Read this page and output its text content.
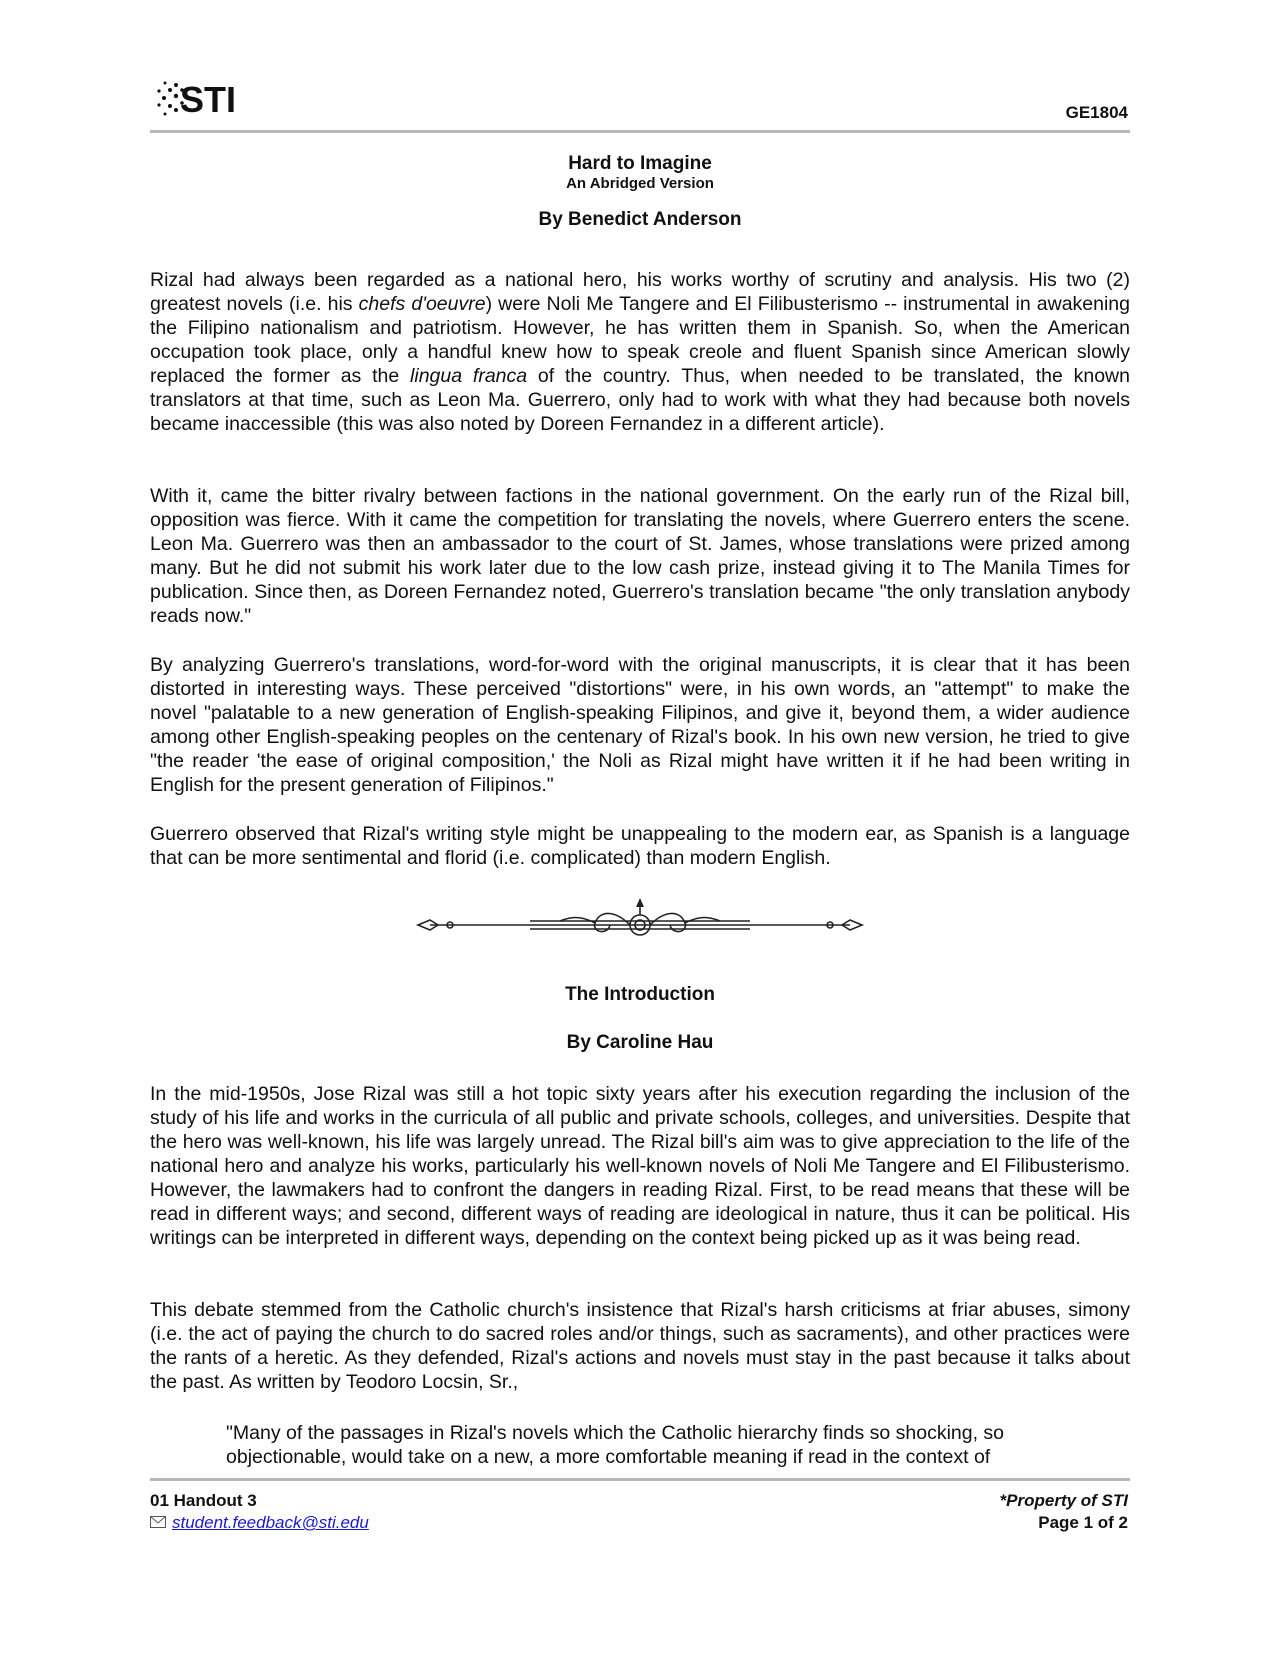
STI	GE1804
Hard to Imagine
An Abridged Version
By Benedict Anderson

Rizal had always been regarded as a national hero, his works worthy of scrutiny and analysis. His two (2) greatest novels (i.e. his chefs d'oeuvre) were Noli Me Tangere and El Filibusterismo -- instrumental in awakening the Filipino nationalism and patriotism. However, he has written them in Spanish. So, when the American occupation took place, only a handful knew how to speak creole and fluent Spanish since American slowly replaced the former as the lingua franca of the country. Thus, when needed to be translated, the known translators at that time, such as Leon Ma. Guerrero, only had to work with what they had because both novels became inaccessible (this was also noted by Doreen Fernandez in a different article).

With it, came the bitter rivalry between factions in the national government. On the early run of the Rizal bill, opposition was fierce. With it came the competition for translating the novels, where Guerrero enters the scene. Leon Ma. Guerrero was then an ambassador to the court of St. James, whose translations were prized among many. But he did not submit his work later due to the low cash prize, instead giving it to The Manila Times for publication. Since then, as Doreen Fernandez noted, Guerrero's translation became "the only translation anybody reads now."

By analyzing Guerrero's translations, word-for-word with the original manuscripts, it is clear that it has been distorted in interesting ways. These perceived "distortions" were, in his own words, an "attempt" to make the novel "palatable to a new generation of English-speaking Filipinos, and give it, beyond them, a wider audience among other English-speaking peoples on the centenary of Rizal's book. In his own new version, he tried to give "the reader 'the ease of original composition,' the Noli as Rizal might have written it if he had been writing in English for the present generation of Filipinos."

Guerrero observed that Rizal's writing style might be unappealing to the modern ear, as Spanish is a language that can be more sentimental and florid (i.e. complicated) than modern English.

The Introduction
By Caroline Hau

In the mid-1950s, Jose Rizal was still a hot topic sixty years after his execution regarding the inclusion of the study of his life and works in the curricula of all public and private schools, colleges, and universities. Despite that the hero was well-known, his life was largely unread. The Rizal bill's aim was to give appreciation to the life of the national hero and analyze his works, particularly his well-known novels of Noli Me Tangere and El Filibusterismo. However, the lawmakers had to confront the dangers in reading Rizal. First, to be read means that these will be read in different ways; and second, different ways of reading are ideological in nature, thus it can be political. His writings can be interpreted in different ways, depending on the context being picked up as it was being read.

This debate stemmed from the Catholic church's insistence that Rizal's harsh criticisms at friar abuses, simony (i.e. the act of paying the church to do sacred roles and/or things, such as sacraments), and other practices were the rants of a heretic. As they defended, Rizal's actions and novels must stay in the past because it talks about the past. As written by Teodoro Locsin, Sr.,

"Many of the passages in Rizal's novels which the Catholic hierarchy finds so shocking, so objectionable, would take on a new, a more comfortable meaning if read in the context of

01 Handout 3
student.feedback@sti.edu
*Property of STI
Page 1 of 2
